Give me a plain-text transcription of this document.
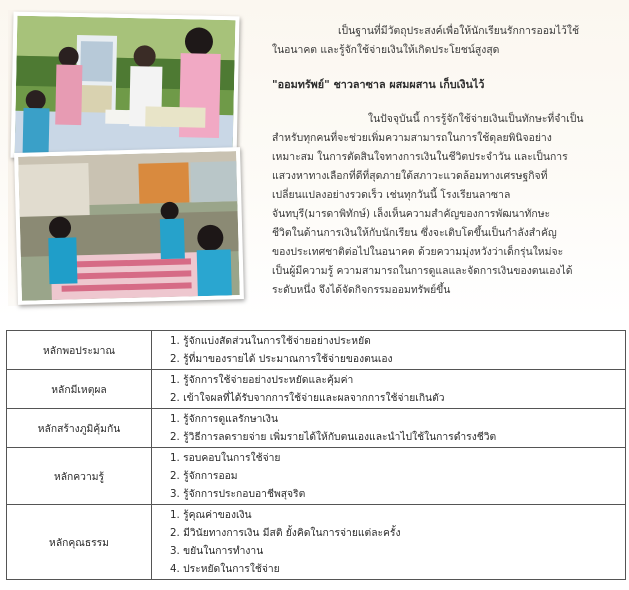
เป็นฐานที่มีวัตถุประสงค์เพื่อให้นักเรียนรักการออมไว้ใช้

ในอนาคต และรู้จักใช้จ่ายเงินให้เกิดประโยชน์สูงสุด

"ออมทรัพย์" ชาวลาซาล ผสมผสาน เก็บเงินไว้
ในปัจจุบันนี้ การรู้จักใช้จ่ายเงินเป็นทักษะที่จำเป็น
สำหรับทุกคนที่จะช่วยเพิ่มความสามารถในการใช้ดุลยพินิจอย่าง
เหมาะสม ในการตัดสินใจทางการเงินในชีวิตประจำวัน และเป็นการ
แสวงหาทางเลือกที่ดีที่สุดภายใต้สภาวะแวดล้อมทางเศรษฐกิจที่
เปลี่ยนแปลงอย่างรวดเร็ว เช่นทุกวันนี้ โรงเรียนลาซาล
จันทบุรี(มารดาพิทักษ์) เล็งเห็นความสำคัญของการพัฒนาทักษะ
ชีวิตในด้านการเงินให้กับนักเรียน ซึ่งจะเติบโตขึ้นเป็นกำลังสำคัญ
ของประเทศชาติต่อไปในอนาคต ด้วยความมุ่งหวังว่าเด็กรุ่นใหม่จะ
เป็นผู้มีความรู้ ความสามารถในการดูแลและจัดการเงินของตนเองได้
ระดับหนึ่ง จึงได้จัดกิจกรรมออมทรัพย์ขึ้น
หลักพอประมาณ	1. รู้จักแบ่งสัดส่วนในการใช้จ่ายอย่างประหยัด
2. รู้ที่มาของรายได้ ประมาณการใช้จ่ายของตนเอง

หลักมีเหตุผล	1. รู้จักการใช้จ่ายอย่างประหยัดและคุ้มค่า
2. เข้าใจผลที่ได้รับจากการใช้จ่ายและผลจากการใช้จ่ายเกินตัว

หลักสร้างภูมิคุ้มกัน	1. รู้จักการดูแลรักษาเงิน
2. รู้วิธีการลดรายจ่าย เพิ่มรายได้ให้กับตนเองและนำไปใช้ในการดำรงชีวิต

หลักความรู้	1. รอบคอบในการใช้จ่าย
2. รู้จักการออม
3. รู้จักการประกอบอาชีพสุจริต

หลักคุณธรรม	1. รู้คุณค่าของเงิน
2. มีวินัยทางการเงิน มีสติ ยั้งคิดในการจ่ายแต่ละครั้ง
3. ขยันในการทำงาน
4. ประหยัดในการใช้จ่าย
